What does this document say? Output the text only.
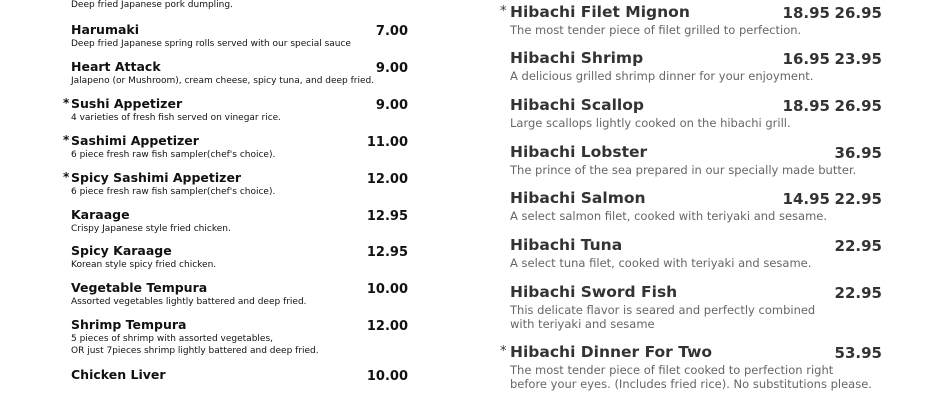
Deep fried Japanese pork dumpling.
Harumaki	7.00
Deep fried Japanese spring rolls served with our special sauce
Heart Attack	9.00
Jalapeno (or Mushroom), cream cheese, spicy tuna, and deep fried.
* Sushi Appetizer	9.00
4 varieties of fresh fish served on vinegar rice.
* Sashimi Appetizer	11.00
6 piece fresh raw fish sampler(chef's choice).
* Spicy Sashimi Appetizer	12.00
6 piece fresh raw fish sampler(chef's choice).
Karaage	12.95
Crispy Japanese style fried chicken.
Spicy Karaage	12.95
Korean style spicy fried chicken.
Vegetable Tempura	10.00
Assorted vegetables lightly battered and deep fried.
Shrimp Tempura	12.00
5 pieces of shrimp with assorted vegetables,
OR just 7pieces shrimp lightly battered and deep fried.
Chicken Liver	10.00
* Hibachi Filet Mignon	18.95 26.95
The most tender piece of filet grilled to perfection.
Hibachi Shrimp	16.95 23.95
A delicious grilled shrimp dinner for your enjoyment.
Hibachi Scallop	18.95 26.95
Large scallops lightly cooked on the hibachi grill.
Hibachi Lobster	36.95
The prince of the sea prepared in our specially made butter.
Hibachi Salmon	14.95 22.95
A select salmon filet, cooked with teriyaki and sesame.
Hibachi Tuna	22.95
A select tuna filet, cooked with teriyaki and sesame.
Hibachi Sword Fish	22.95
This delicate flavor is seared and perfectly combined
with teriyaki and sesame
* Hibachi Dinner For Two	53.95
The most tender piece of filet cooked to perfection right
before your eyes. (Includes fried rice). No substitutions please.
